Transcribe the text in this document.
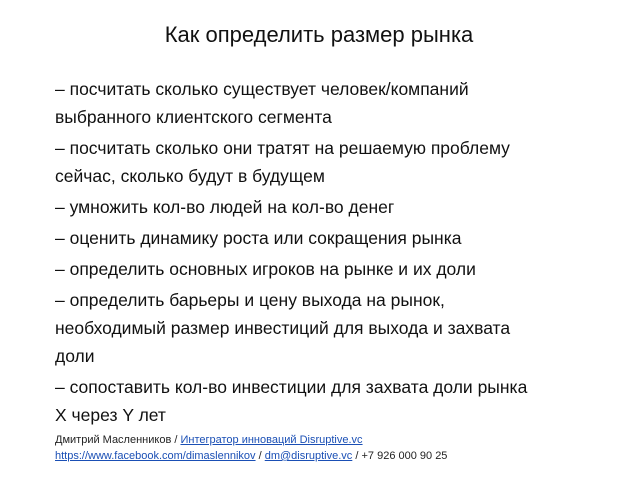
Как определить размер рынка
– посчитать сколько существует человек/компаний
выбранного клиентского сегмента
– посчитать сколько они тратят на решаемую проблему
сейчас, сколько будут в будущем
– умножить кол-во людей на кол-во денег
– оценить динамику роста или сокращения рынка
– определить основных игроков на рынке и их доли
– определить барьеры и цену выхода на рынок,
необходимый размер инвестиций для выхода и захвата
доли
– сопоставить кол-во инвестиции для захвата доли рынка
X через Y лет
Дмитрий Масленников / Интегратор инноваций Disruptive.vc
https://www.facebook.com/dimaslennikov / dm@disruptive.vc / +7 926 000 90 25
